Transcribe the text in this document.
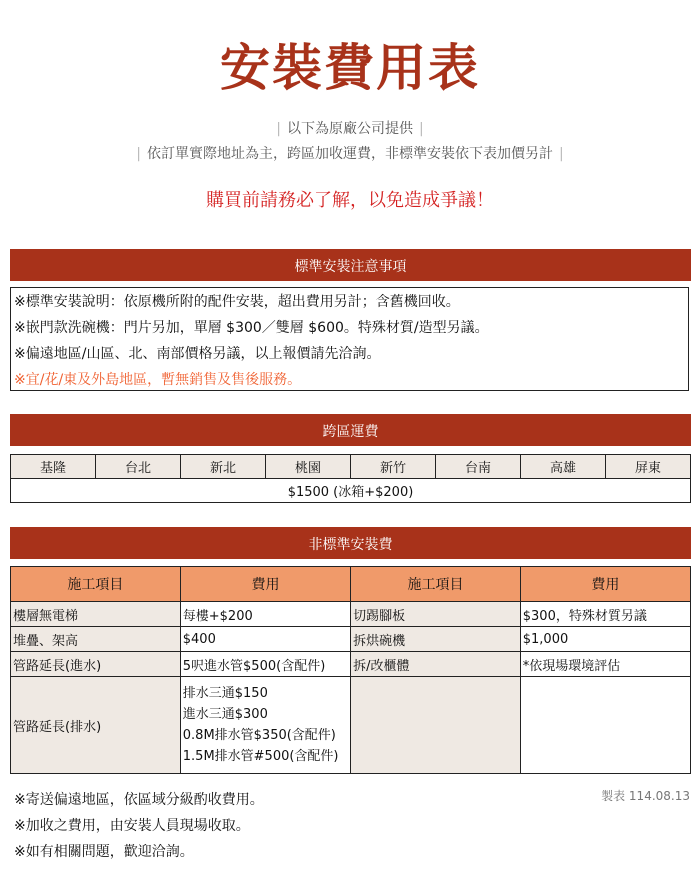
安裝費用表
| 以下為原廠公司提供 |
| 依訂單實際地址為主，跨區加收運費，非標準安裝依下表加價另計 |
購買前請務必了解，以免造成爭議！
標準安裝注意事項
※標準安裝說明：依原機所附的配件安裝，超出費用另計；含舊機回收。
※嵌門款洗碗機：門片另加，單層 $300／雙層 $600。特殊材質/造型另議。
※偏遠地區/山區、北、南部價格另議，以上報價請先洽詢。
※宜/花/東及外島地區，暫無銷售及售後服務。
跨區運費
基隆	台北	新北	桃園	新竹	台南	高雄	屏東
$1500 (冰箱+$200)
非標準安裝費
施工項目	費用	施工項目	費用
樓層無電梯	每樓+$200	切踢腳板	$300，特殊材質另議
堆疊、架高	$400	拆烘碗機	$1,000
管路延長(進水)	5呎進水管$500(含配件)	拆/改櫃體	*依現場環境評估
管路延長(排水)	排水三通$150
進水三通$300
0.8M排水管$350(含配件)
1.5M排水管#500(含配件)		

製表 114.08.13
※寄送偏遠地區，依區域分級酌收費用。
※加收之費用，由安裝人員現場收取。
※如有相關問題，歡迎洽詢。
